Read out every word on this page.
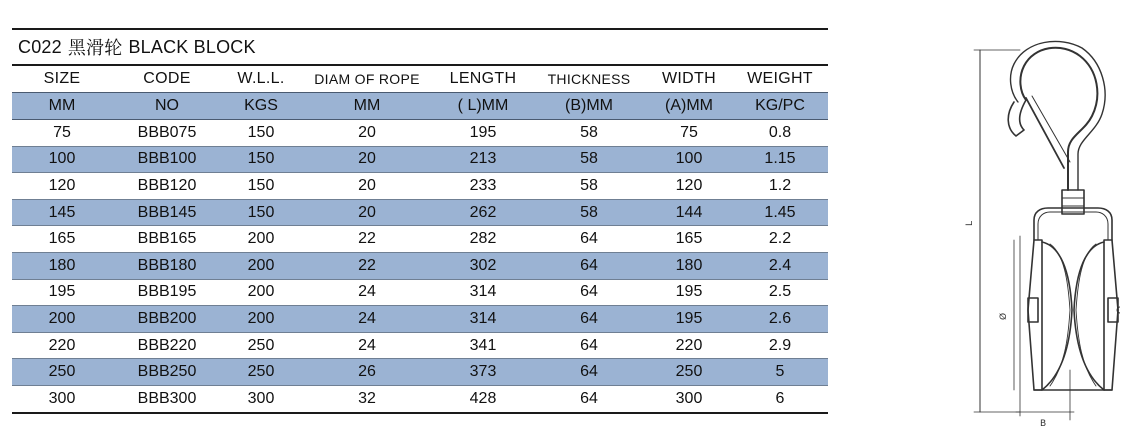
C022 黑滑轮 BLACK BLOCK
SIZE	CODE	W.L.L.	DIAM OF ROPE	LENGTH	THICKNESS	WIDTH	WEIGHT
MM	NO	KGS	MM	( L)MM	(B)MM	(A)MM	KG/PC
75	BBB075	150	20	195	58	75	0.8
100	BBB100	150	20	213	58	100	1.15
120	BBB120	150	20	233	58	120	1.2
145	BBB145	150	20	262	58	144	1.45
165	BBB165	200	22	282	64	165	2.2
180	BBB180	200	22	302	64	180	2.4
195	BBB195	200	24	314	64	195	2.5
200	BBB200	200	24	314	64	195	2.6
220	BBB220	250	24	341	64	220	2.9
250	BBB250	250	26	373	64	250	5
300	BBB300	300	32	428	64	300	6
L
B
Ø
